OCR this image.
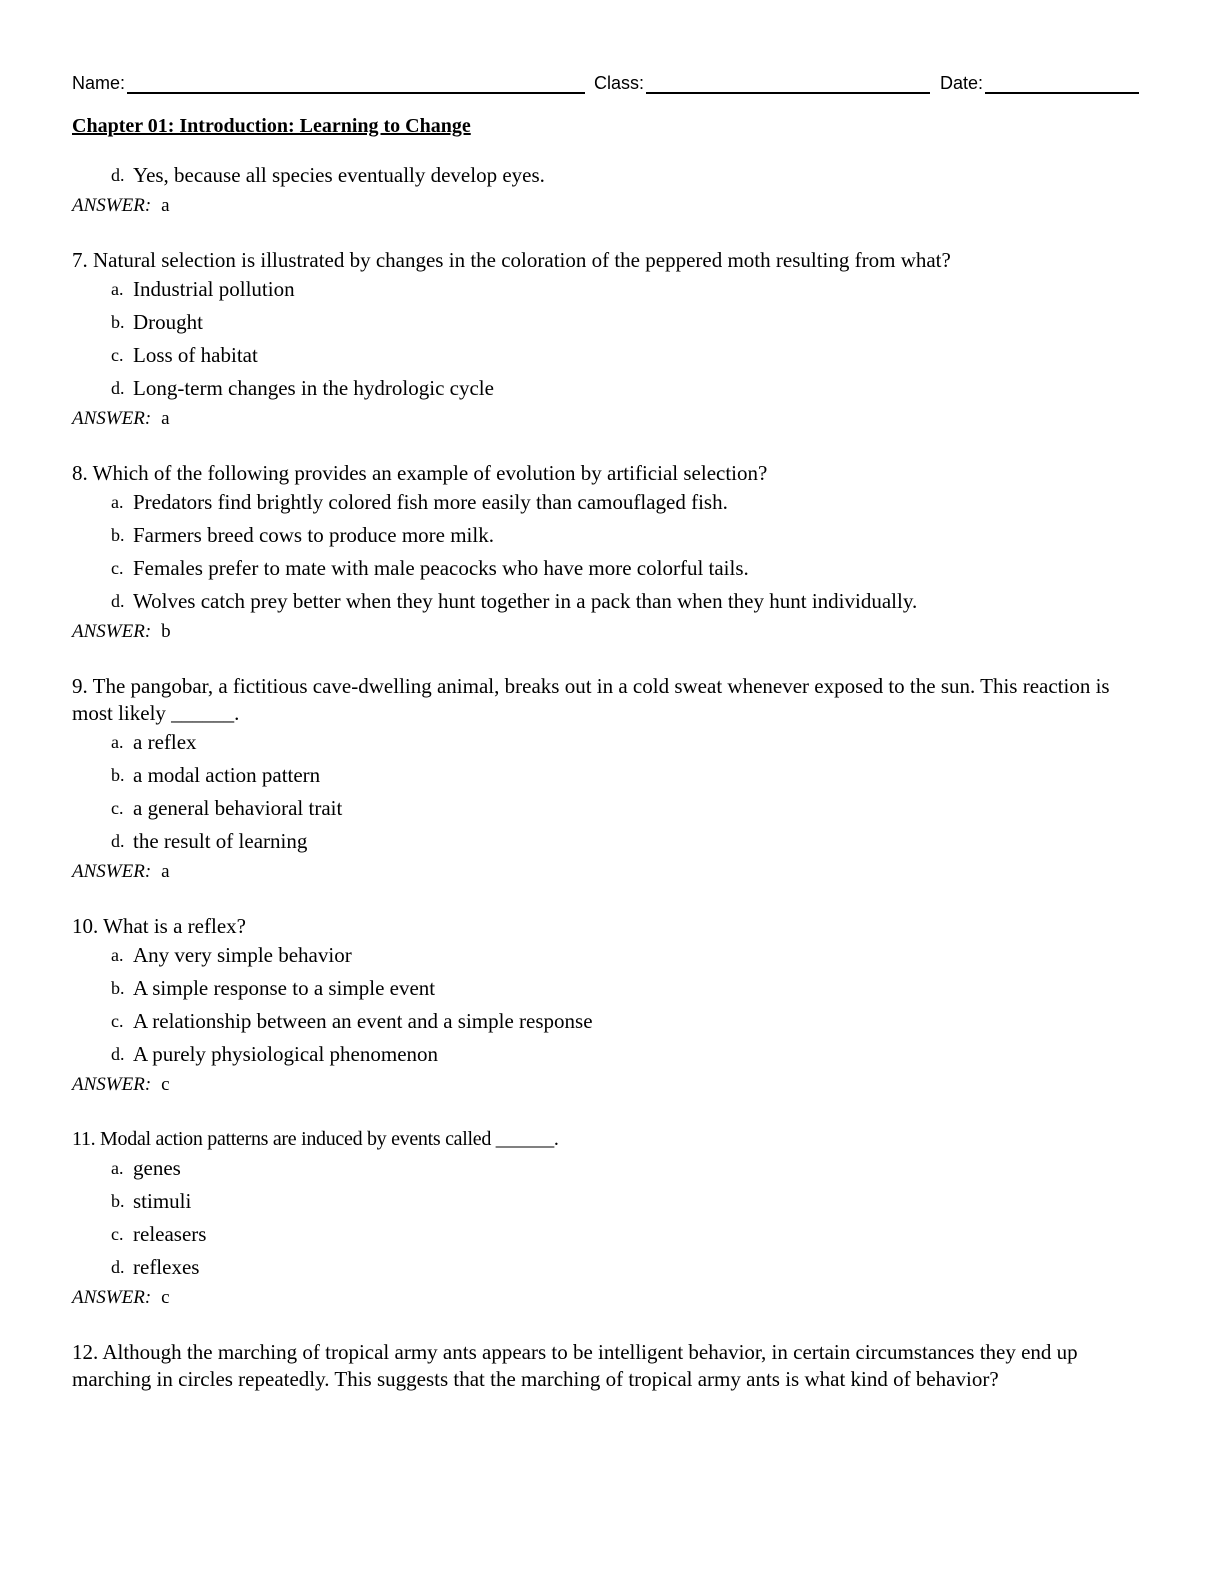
Name:	Class:	Date:
Chapter 01: Introduction: Learning to Change
d. Yes, because all species eventually develop eyes.
ANSWER: a
7. Natural selection is illustrated by changes in the coloration of the peppered moth resulting from what?
a. Industrial pollution
b. Drought
c. Loss of habitat
d. Long-term changes in the hydrologic cycle
ANSWER: a
8. Which of the following provides an example of evolution by artificial selection?
a. Predators find brightly colored fish more easily than camouflaged fish.
b. Farmers breed cows to produce more milk.
c. Females prefer to mate with male peacocks who have more colorful tails.
d. Wolves catch prey better when they hunt together in a pack than when they hunt individually.
ANSWER: b
9. The pangobar, a fictitious cave-dwelling animal, breaks out in a cold sweat whenever exposed to the sun. This reaction is most likely ______.
a. a reflex
b. a modal action pattern
c. a general behavioral trait
d. the result of learning
ANSWER: a
10. What is a reflex?
a. Any very simple behavior
b. A simple response to a simple event
c. A relationship between an event and a simple response
d. A purely physiological phenomenon
ANSWER: c
11. Modal action patterns are induced by events called ______.
a. genes
b. stimuli
c. releasers
d. reflexes
ANSWER: c
12. Although the marching of tropical army ants appears to be intelligent behavior, in certain circumstances they end up marching in circles repeatedly. This suggests that the marching of tropical army ants is what kind of behavior?
